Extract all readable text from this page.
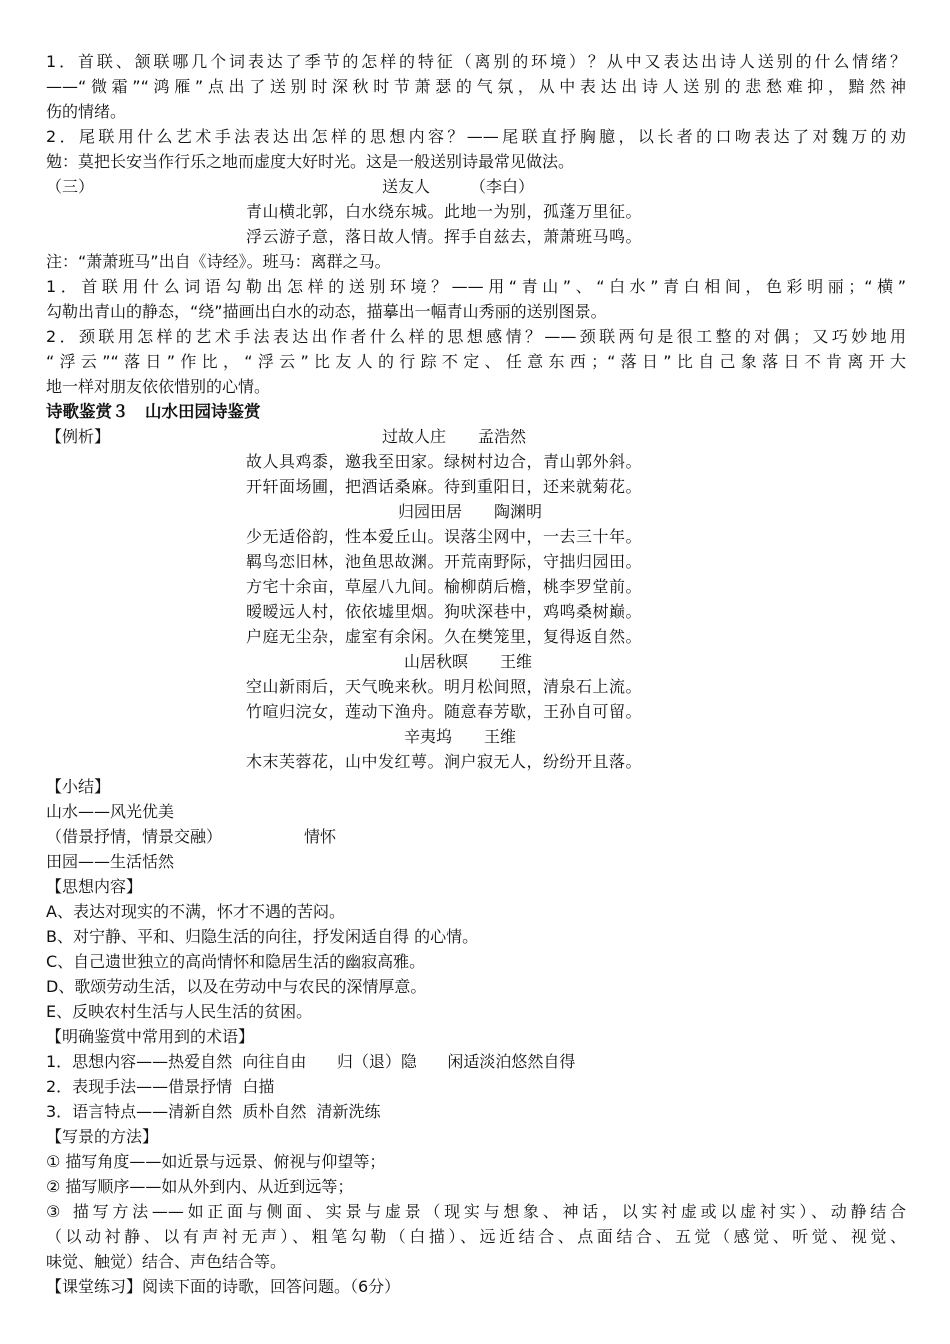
1．首联、颔联哪几个词表达了季节的怎样的特征（离别的环境）？从中又表达出诗人送别的什么情绪？
——“微霜”“鸿雁”点出了送别时深秋时节萧瑟的气氛，从中表达出诗人送别的悲愁难抑，黯然神
伤的情绪。
2．尾联用什么艺术手法表达出怎样的思想内容？——尾联直抒胸臆，以长者的口吻表达了对魏万的劝
勉：莫把长安当作行乐之地而虚度大好时光。这是一般送别诗最常见做法。
（三）	送友人　　　（李白）
青山横北郭，白水绕东城。此地一为别，孤蓬万里征。
浮云游子意，落日故人情。挥手自兹去，萧萧班马鸣。
注：“萧萧班马”出自《诗经》。班马：离群之马。
1．首联用什么词语勾勒出怎样的送别环境？——用“青山”、“白水”青白相间，色彩明丽；“横”
勾勒出青山的静态，“绕”描画出白水的动态，描摹出一幅青山秀丽的送别图景。
2．颈联用怎样的艺术手法表达出作者什么样的思想感情？——颈联两句是很工整的对偶；又巧妙地用
“浮云”“落日”作比，“浮云”比友人的行踪不定、任意东西；“落日”比自己象落日不肯离开大
地一样对朋友依依惜别的心情。
诗歌鉴赏３　山水田园诗鉴赏
【例析】	过故人庄　　孟浩然
故人具鸡黍，邀我至田家。绿树村边合，青山郭外斜。
开轩面场圃，把酒话桑麻。待到重阳日，还来就菊花。
归园田居　　陶渊明
少无适俗韵，性本爱丘山。误落尘网中，一去三十年。
羁鸟恋旧林，池鱼思故渊。开荒南野际，守拙归园田。
方宅十余亩，草屋八九间。榆柳荫后檐，桃李罗堂前。
暧暧远人村，依依墟里烟。狗吠深巷中，鸡鸣桑树巅。
户庭无尘杂，虚室有余闲。久在樊笼里，复得返自然。
山居秋暝　　王维
空山新雨后，天气晚来秋。明月松间照，清泉石上流。
竹喧归浣女，莲动下渔舟。随意春芳歇，王孙自可留。
辛夷坞　　王维
木末芙蓉花，山中发红萼。涧户寂无人，纷纷开且落。
【小结】
山水——风光优美
（借景抒情，情景交融）	情怀
田园——生活恬然
【思想内容】
A、表达对现实的不满，怀才不遇的苦闷。
B、对宁静、平和、归隐生活的向往，抒发闲适自得 的心情。
C、自己遗世独立的高尚情怀和隐居生活的幽寂高雅。
D、歌颂劳动生活，以及在劳动中与农民的深情厚意。
E、反映农村生活与人民生活的贫困。
【明确鉴赏中常用到的术语】
1．思想内容——热爱自然  向往自由      归（退）隐      闲适淡泊悠然自得
2．表现手法——借景抒情  白描
3．语言特点——清新自然  质朴自然  清新洗练
【写景的方法】
① 描写角度——如近景与远景、俯视与仰望等；
② 描写顺序——如从外到内、从近到远等；
③ 描写方法——如正面与侧面、实景与虚景（现实与想象、神话，以实衬虚或以虚衬实）、动静结合
（以动衬静、以有声衬无声）、粗笔勾勒（白描）、远近结合、点面结合、五觉（感觉、听觉、视觉、
味觉、触觉）结合、声色结合等。
【课堂练习】阅读下面的诗歌，回答问题。（6分）
